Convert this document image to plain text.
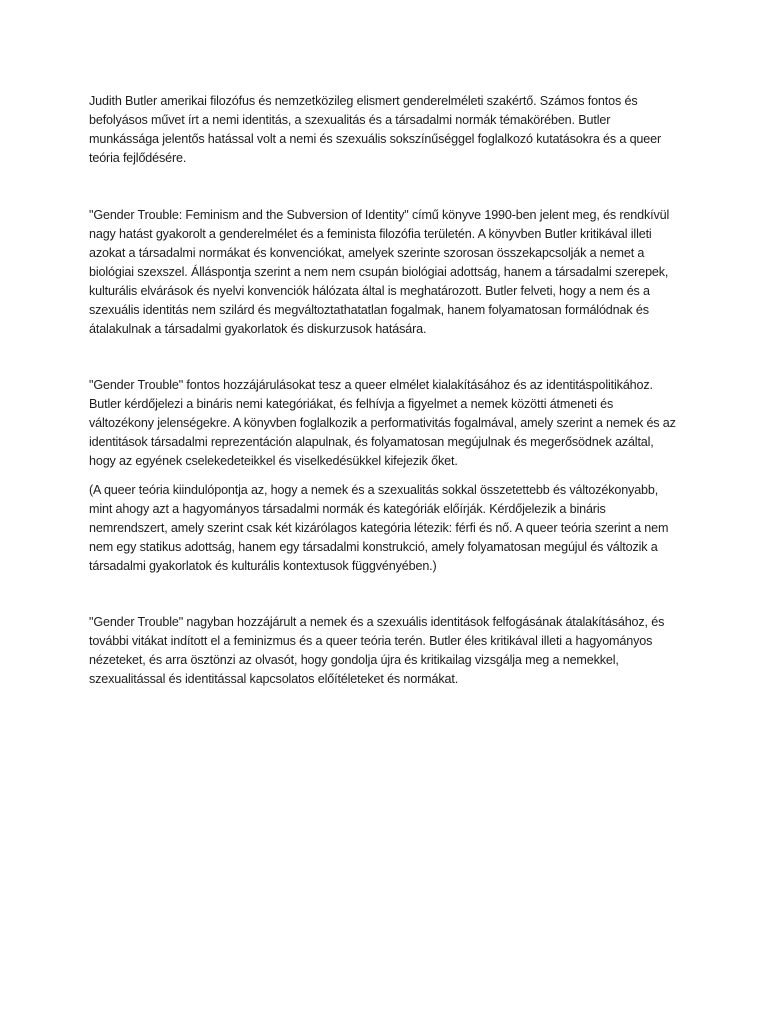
Judith Butler amerikai filozófus és nemzetközileg elismert genderelméleti szakértő. Számos fontos és befolyásos művet írt a nemi identitás, a szexualitás és a társadalmi normák témakörében. Butler munkássága jelentős hatással volt a nemi és szexuális sokszínűséggel foglalkozó kutatásokra és a queer teória fejlődésére.

"Gender Trouble: Feminism and the Subversion of Identity" című könyve 1990-ben jelent meg, és rendkívül nagy hatást gyakorolt a genderelmélet és a feminista filozófia területén. A könyvben Butler kritikával illeti azokat a társadalmi normákat és konvenciókat, amelyek szerinte szorosan összekapcsolják a nemet a biológiai szexszel. Álláspontja szerint a nem nem csupán biológiai adottság, hanem a társadalmi szerepek, kulturális elvárások és nyelvi konvenciók hálózata által is meghatározott. Butler felveti, hogy a nem és a szexuális identitás nem szilárd és megváltoztathatatlan fogalmak, hanem folyamatosan formálódnak és átalakulnak a társadalmi gyakorlatok és diskurzusok hatására.

"Gender Trouble" fontos hozzájárulásokat tesz a queer elmélet kialakításához és az identitáspolitikához. Butler kérdőjelezi a bináris nemi kategóriákat, és felhívja a figyelmet a nemek közötti átmeneti és változékony jelenségekre. A könyvben foglalkozik a performativitás fogalmával, amely szerint a nemek és az identitások társadalmi reprezentáción alapulnak, és folyamatosan megújulnak és megerősödnek azáltal, hogy az egyének cselekedeteikkel és viselkedésükkel kifejezik őket.

(A queer teória kiindulópontja az, hogy a nemek és a szexualitás sokkal összetettebb és változékonyabb, mint ahogy azt a hagyományos társadalmi normák és kategóriák előírják. Kérdőjelezik a bináris nemrendszert, amely szerint csak két kizárólagos kategória létezik: férfi és nő. A queer teória szerint a nem nem egy statikus adottság, hanem egy társadalmi konstrukció, amely folyamatosan megújul és változik a társadalmi gyakorlatok és kulturális kontextusok függvényében.)

"Gender Trouble" nagyban hozzájárult a nemek és a szexuális identitások felfogásának átalakításához, és további vitákat indított el a feminizmus és a queer teória terén. Butler éles kritikával illeti a hagyományos nézeteket, és arra ösztönzi az olvasót, hogy gondolja újra és kritikailag vizsgálja meg a nemekkel, szexualitással és identitással kapcsolatos előítéleteket és normákat.
